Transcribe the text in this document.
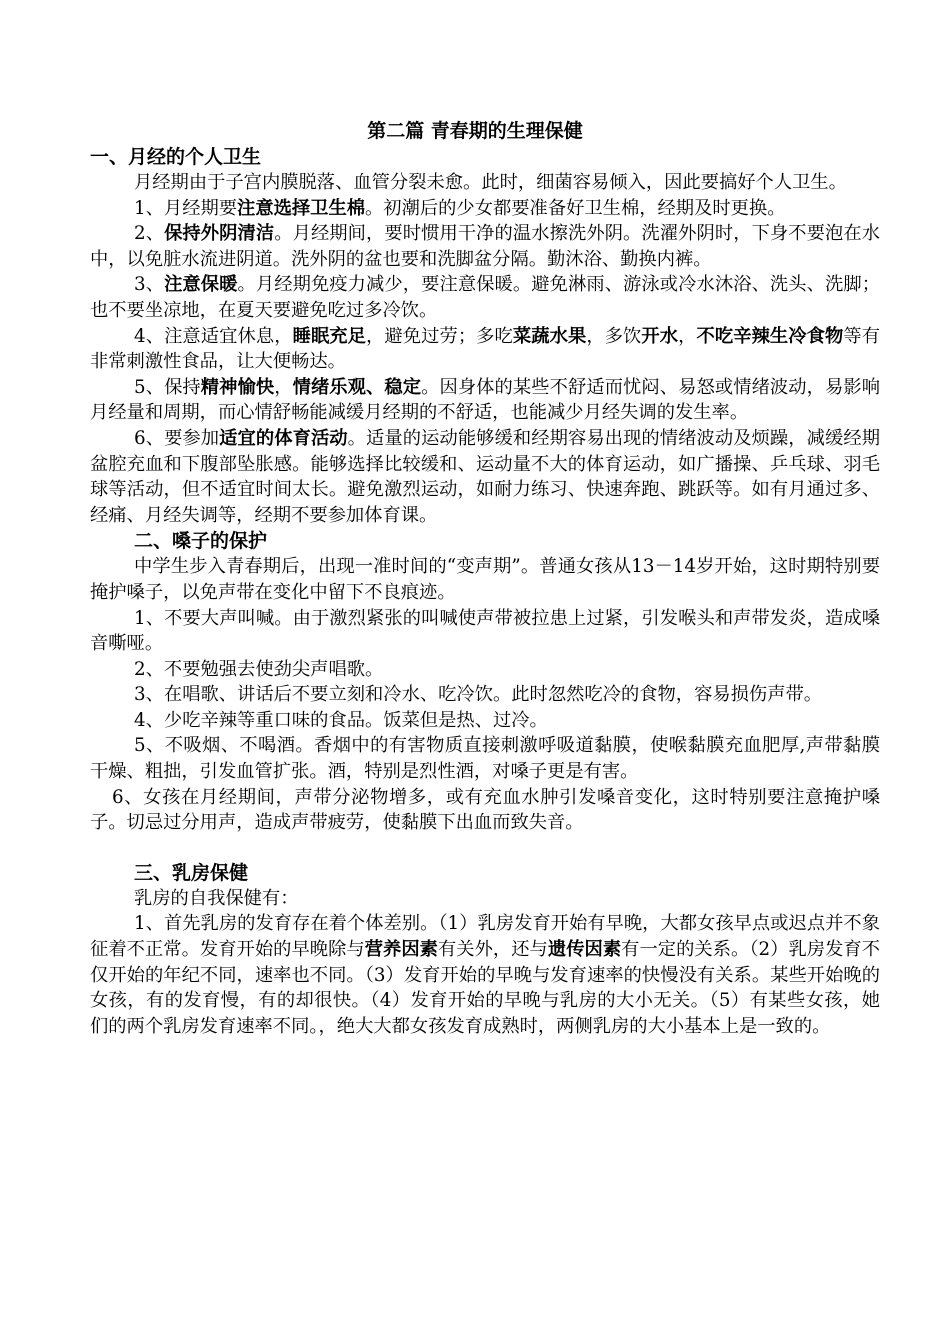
第二篇 青春期的生理保健
一、月经的个人卫生

月经期由于子宫内膜脱落、血管分裂未愈。此时，细菌容易倾入，因此要搞好个人卫生。

1、月经期要注意选择卫生棉。初潮后的少女都要准备好卫生棉，经期及时更换。

2、保持外阴清洁。月经期间，要时惯用干净的温水擦洗外阴。洗濯外阴时，下身不要泡在水中，以免脏水流进阴道。洗外阴的盆也要和洗脚盆分隔。勤沐浴、勤换内裤。

3、注意保暖。月经期免疫力减少，要注意保暖。避免淋雨、游泳或冷水沐浴、洗头、洗脚；也不要坐凉地，在夏天要避免吃过多冷饮。

4、注意适宜休息，睡眠充足，避免过劳；多吃菜蔬水果，多饮开水，不吃辛辣生冷食物等有非常刺激性食品，让大便畅达。

5、保持精神愉快，情绪乐观、稳定。因身体的某些不舒适而忧闷、易怒或情绪波动，易影响月经量和周期，而心情舒畅能减缓月经期的不舒适，也能减少月经失调的发生率。

6、要参加适宜的体育活动。适量的运动能够缓和经期容易出现的情绪波动及烦躁，减缓经期盆腔充血和下腹部坠胀感。能够选择比较缓和、运动量不大的体育运动，如广播操、乒乓球、羽毛球等活动，但不适宜时间太长。避免激烈运动，如耐力练习、快速奔跑、跳跃等。如有月通过多、经痛、月经失调等，经期不要参加体育课。

二、嗓子的保护

中学生步入青春期后，出现一准时间的“变声期”。普通女孩从13－14岁开始，这时期特别要掩护嗓子，以免声带在变化中留下不良痕迹。

1、不要大声叫喊。由于激烈紧张的叫喊使声带被拉患上过紧，引发喉头和声带发炎，造成嗓音嘶哑。

2、不要勉强去使劲尖声唱歌。

3、在唱歌、讲话后不要立刻和冷水、吃冷饮。此时忽然吃冷的食物，容易损伤声带。

4、少吃辛辣等重口味的食品。饭菜但是热、过冷。

5、不吸烟、不喝酒。香烟中的有害物质直接刺激呼吸道黏膜，使喉黏膜充血肥厚,声带黏膜干燥、粗拙，引发血管扩张。酒，特别是烈性酒，对嗓子更是有害。

6、女孩在月经期间，声带分泌物增多，或有充血水肿引发嗓音变化，这时特别要注意掩护嗓子。切忌过分用声，造成声带疲劳，使黏膜下出血而致失音。

三、乳房保健

乳房的自我保健有：

1、首先乳房的发育存在着个体差别。（1）乳房发育开始有早晚，大都女孩早点或迟点并不象征着不正常。发育开始的早晚除与营养因素有关外，还与遗传因素有一定的关系。（2）乳房发育不仅开始的年纪不同，速率也不同。（3）发育开始的早晚与发育速率的快慢没有关系。某些开始晚的女孩，有的发育慢，有的却很快。（4）发育开始的早晚与乳房的大小无关。（5）有某些女孩，她们的两个乳房发育速率不同。，绝大大都女孩发育成熟时，两侧乳房的大小基本上是一致的。
